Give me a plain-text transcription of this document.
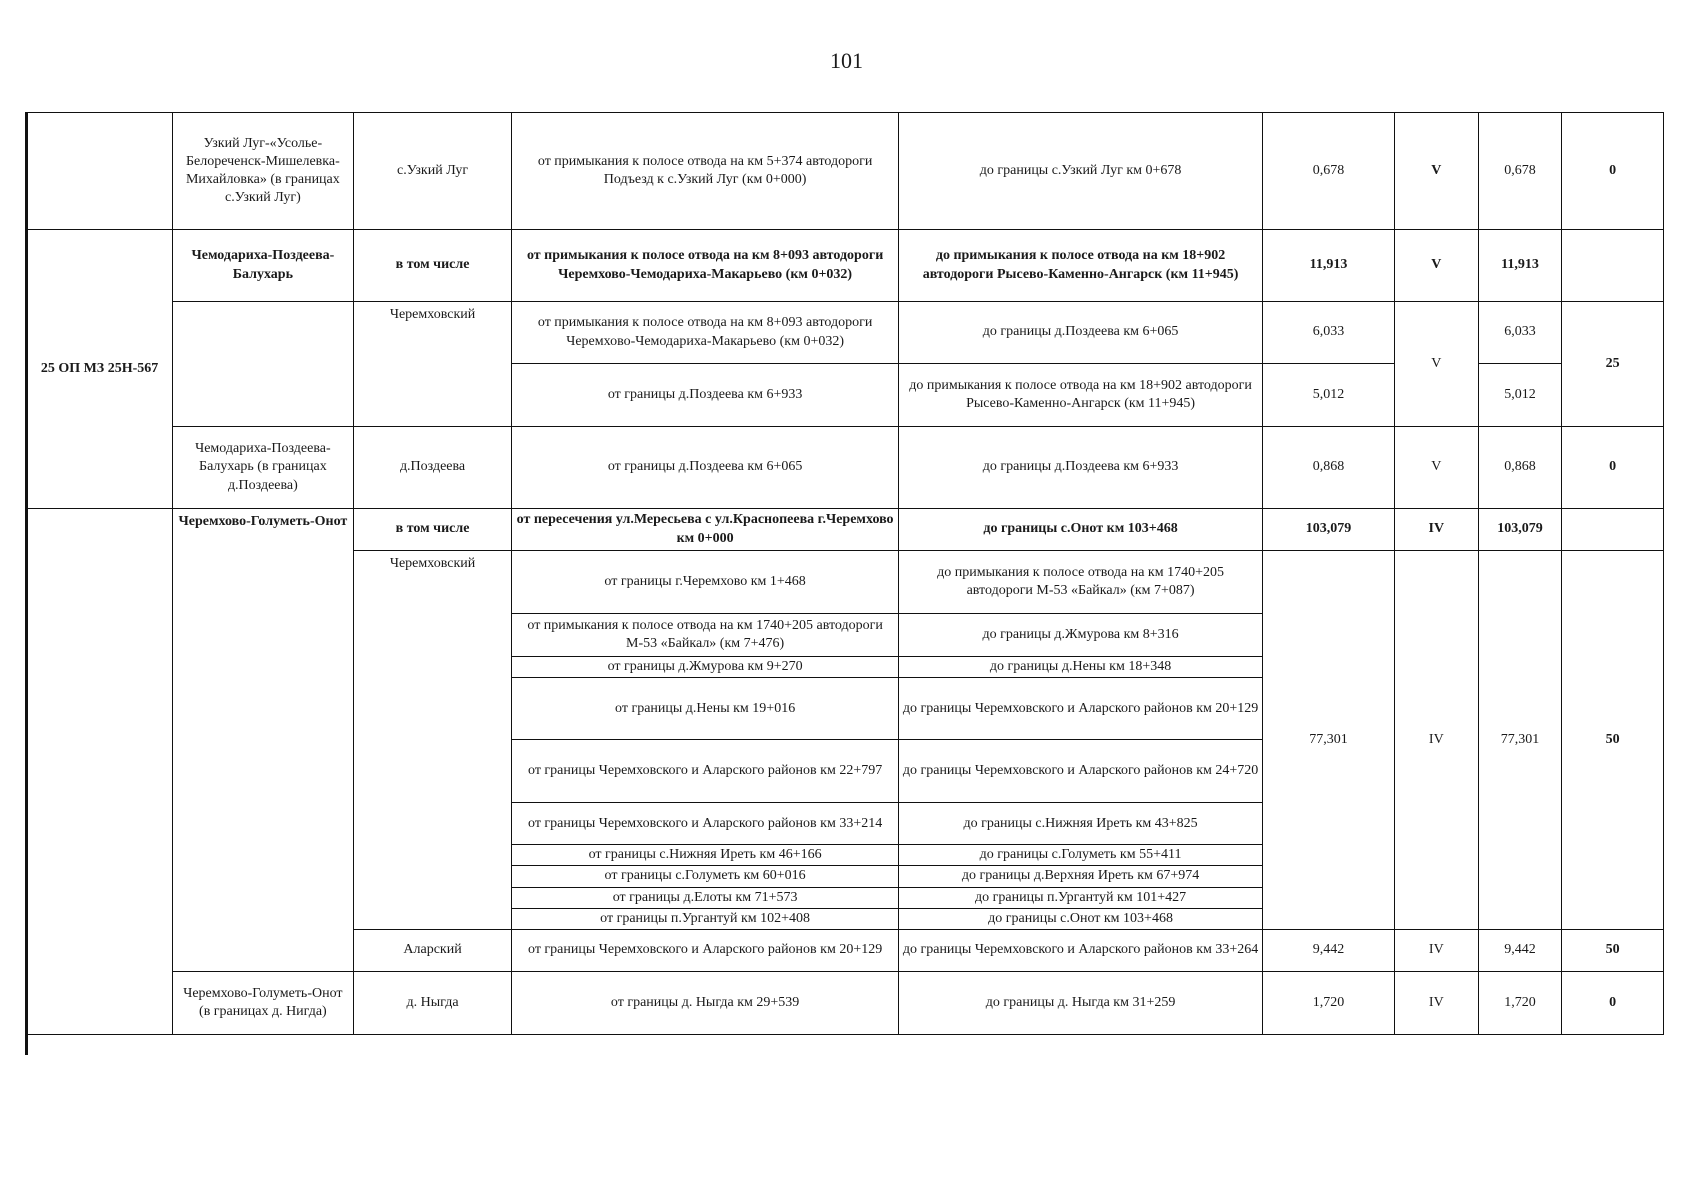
101
	Узкий Луг-«Усолье-Белореченск-Мишелевка-Михайловка» (в границах с.Узкий Луг)	с.Узкий Луг	от примыкания к полосе отвода на км 5+374 автодороги Подъезд к с.Узкий Луг (км 0+000)	до границы с.Узкий Луг км 0+678	0,678	V	0,678	0
25 ОП МЗ 25Н-567	Чемодариха-Поздеева-Балухарь	в том числе	от примыкания к полосе отвода на км 8+093 автодороги Черемхово-Чемодариха-Макарьево (км 0+032)	до примыкания к полосе отвода на км 18+902 автодороги Рысево-Каменно-Ангарск (км 11+945)	11,913	V	11,913	
		Черемховский	от примыкания к полосе отвода на км 8+093 автодороги Черемхово-Чемодариха-Макарьево (км 0+032)	до границы д.Поздеева км 6+065	6,033	V	6,033	25
			от границы д.Поздеева км 6+933	до примыкания к полосе отвода на км 18+902 автодороги Рысево-Каменно-Ангарск (км 11+945)	5,012		5,012	
	Чемодариха-Поздеева-Балухарь (в границах д.Поздеева)	д.Поздеева	от границы д.Поздеева км 6+065	до границы д.Поздеева км 6+933	0,868	V	0,868	0
	Черемхово-Голуметь-Онот	в том числе	от пересечения ул.Мересьева с ул.Краснопеева г.Черемхово км 0+000	до границы с.Онот км 103+468	103,079	IV	103,079	
		Черемховский	от границы г.Черемхово км 1+468	до примыкания к полосе отвода на км 1740+205 автодороги М-53 «Байкал» (км 7+087)	77,301	IV	77,301	50
			от примыкания к полосе отвода на км 1740+205 автодороги М-53 «Байкал» (км 7+476)	до границы д.Жмурова км 8+316				
			от границы д.Жмурова км 9+270	до границы д.Нены км 18+348				
			от границы д.Нены км 19+016	до границы Черемховского и Аларского районов км 20+129				
			от границы Черемховского и Аларского районов км 22+797	до границы Черемховского и Аларского районов км 24+720				
			от границы Черемховского и Аларского районов км 33+214	до границы с.Нижняя Иреть км 43+825				
			от границы с.Нижняя Иреть км 46+166	до границы с.Голуметь км 55+411				
			от границы с.Голуметь км 60+016	до границы д.Верхняя Иреть км 67+974				
			от границы д.Елоты км 71+573	до границы п.Ургантуй км 101+427				
			от границы п.Ургантуй км 102+408	до границы с.Онот км 103+468				
		Аларский	от границы Черемховского и Аларского районов км 20+129	до границы Черемховского и Аларского районов км 33+264	9,442	IV	9,442	50
	Черемхово-Голуметь-Онот (в границах д. Нигда)	д. Ныгда	от границы д. Ныгда км 29+539	до границы д. Ныгда км 31+259	1,720	IV	1,720	0
